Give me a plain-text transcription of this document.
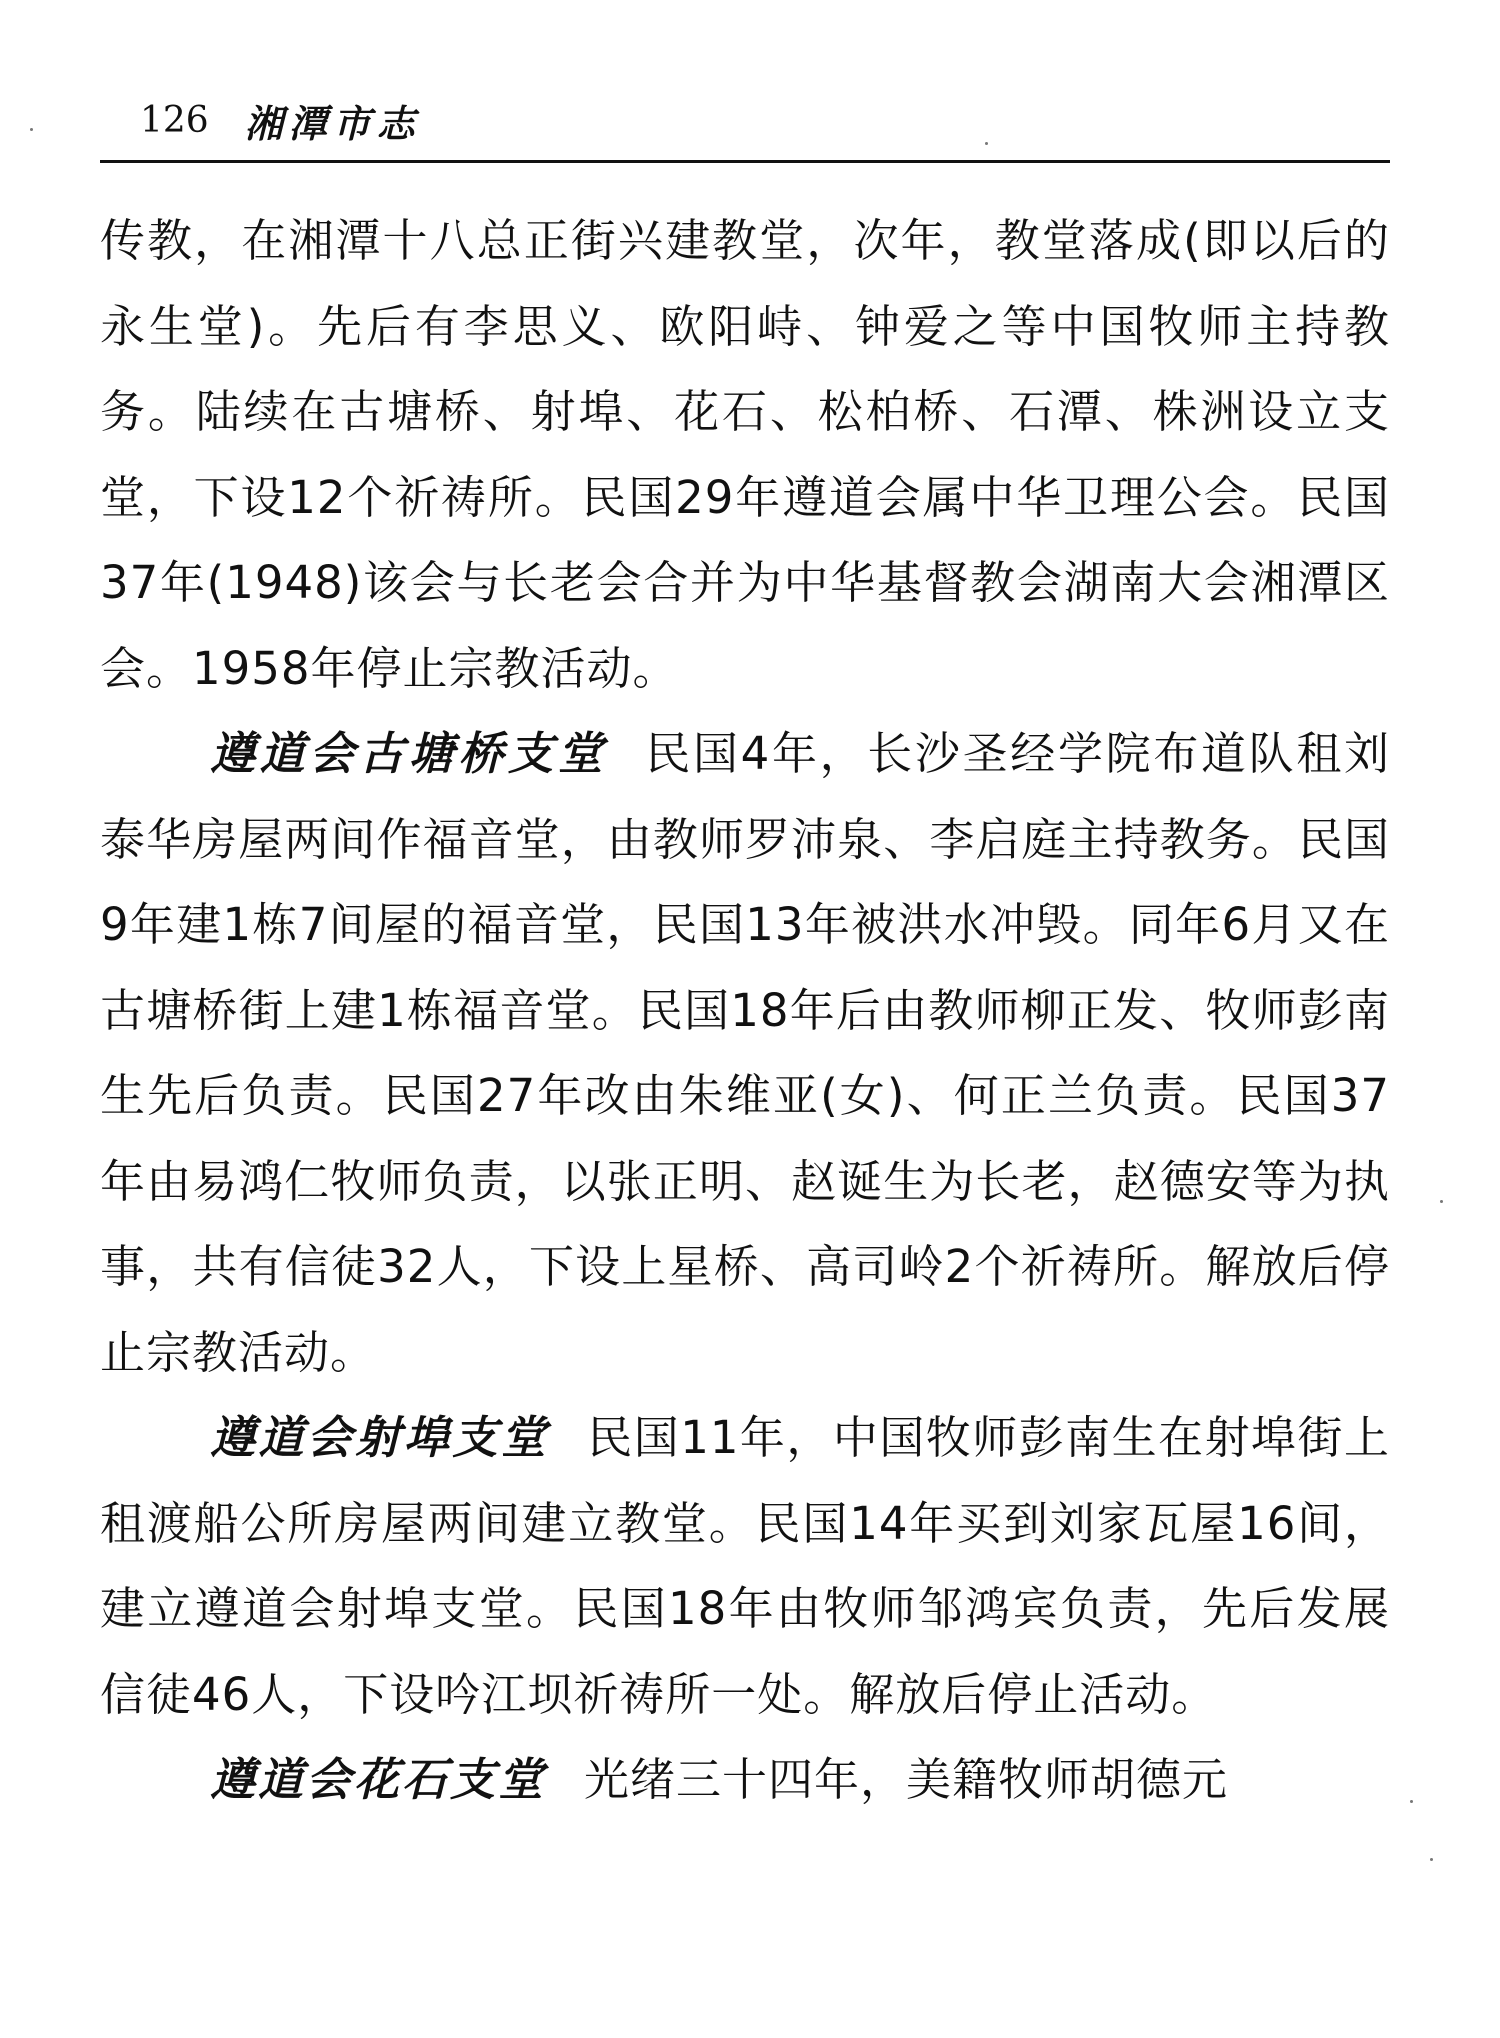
126 湘潭市志

传教，在湘潭十八总正街兴建教堂，次年，教堂落成(即以后的永生堂)。先后有李思义、欧阳峙、钟爱之等中国牧师主持教务。陆续在古塘桥、射埠、花石、松柏桥、石潭、株洲设立支堂，下设12个祈祷所。民国29年遵道会属中华卫理公会。民国37年(1948)该会与长老会合并为中华基督教会湖南大会湘潭区会。1958年停止宗教活动。

遵道会古塘桥支堂 民国4年，长沙圣经学院布道队租刘泰华房屋两间作福音堂，由教师罗沛泉、李启庭主持教务。民国9年建1栋7间屋的福音堂，民国13年被洪水冲毁。同年6月又在古塘桥街上建1栋福音堂。民国18年后由教师柳正发、牧师彭南生先后负责。民国27年改由朱维亚(女)、何正兰负责。民国37年由易鸿仁牧师负责，以张正明、赵诞生为长老，赵德安等为执事，共有信徒32人，下设上星桥、高司岭2个祈祷所。解放后停止宗教活动。

遵道会射埠支堂 民国11年，中国牧师彭南生在射埠街上租渡船公所房屋两间建立教堂。民国14年买到刘家瓦屋16间，建立遵道会射埠支堂。民国18年由牧师邹鸿宾负责，先后发展信徒46人，下设吟江坝祈祷所一处。解放后停止活动。

遵道会花石支堂 光绪三十四年，美籍牧师胡德元
